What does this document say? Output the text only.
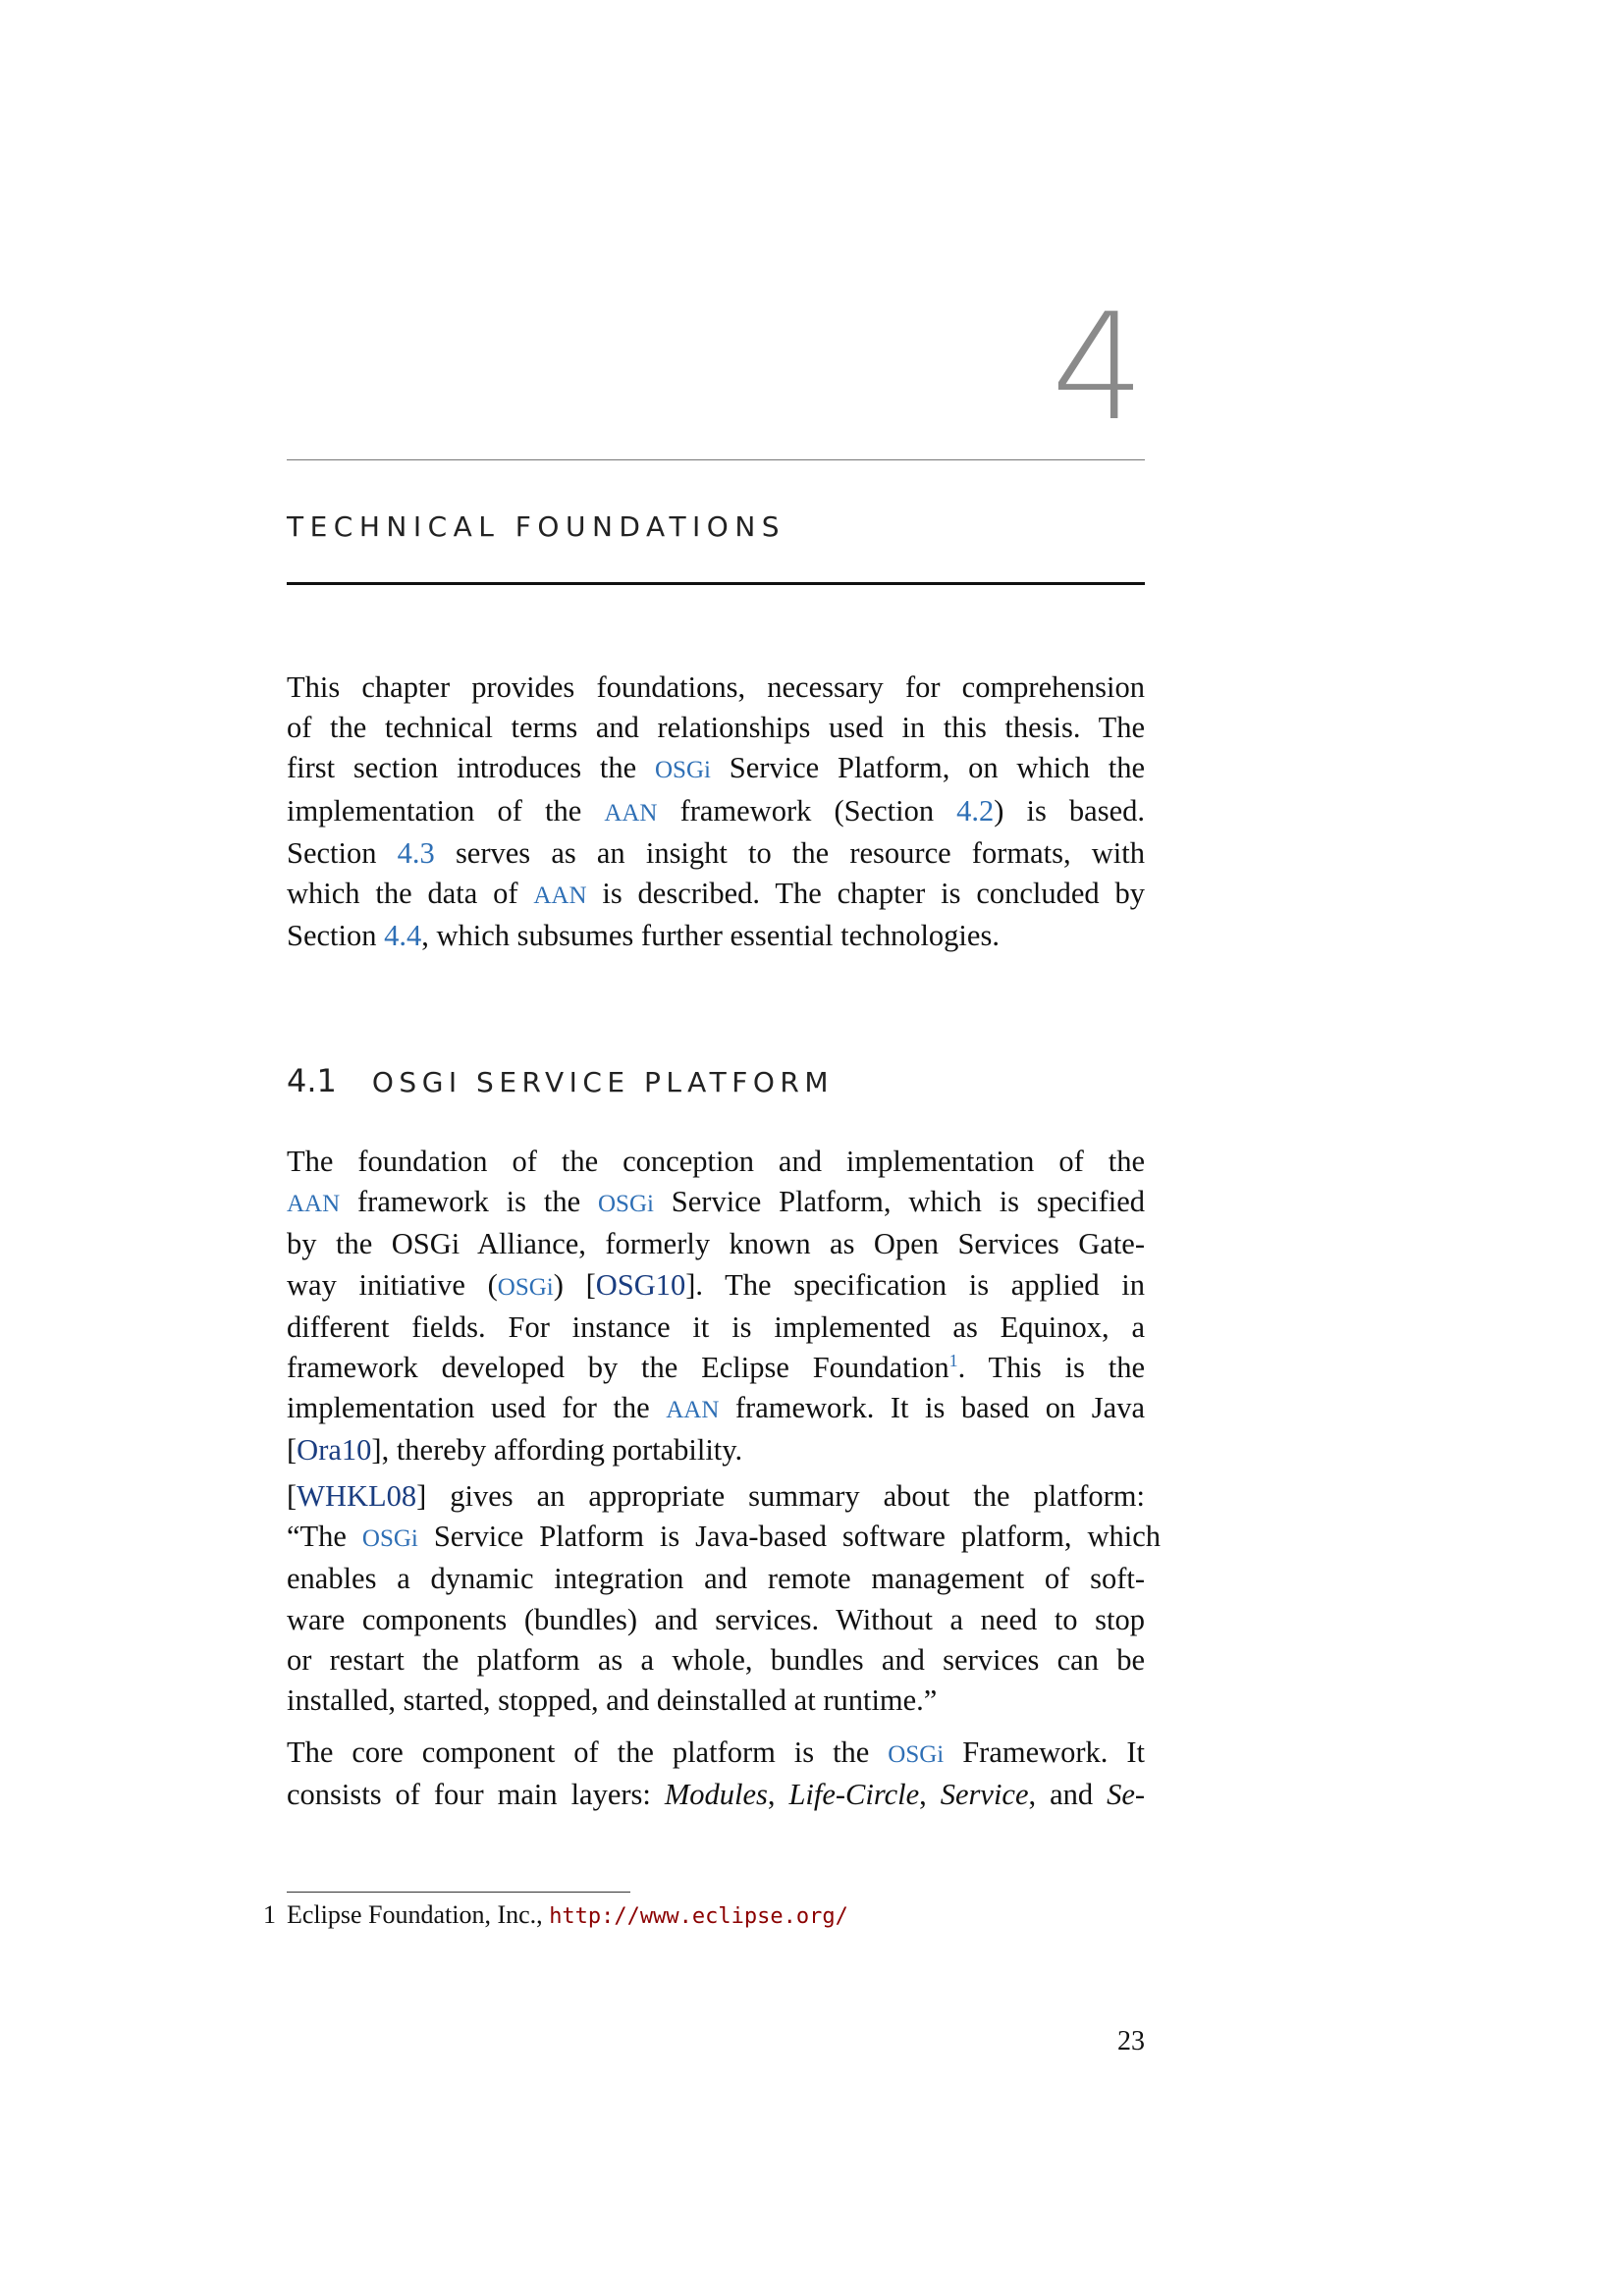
4
TECHNICAL FOUNDATIONS
This chapter provides foundations, necessary for comprehension
of the technical terms and relationships used in this thesis. The
first section introduces the OSGi Service Platform, on which the
implementation of the AAN framework (Section 4.2) is based.
Section 4.3 serves as an insight to the resource formats, with
which the data of AAN is described. The chapter is concluded by
Section 4.4, which subsumes further essential technologies.
4.1 OSGI SERVICE PLATFORM
The foundation of the conception and implementation of the
AAN framework is the OSGi Service Platform, which is specified
by the OSGi Alliance, formerly known as Open Services Gate-
way initiative (OSGi) [OSG10]. The specification is applied in
different fields. For instance it is implemented as Equinox, a
framework developed by the Eclipse Foundation$^1$. This is the
implementation used for the AAN framework. It is based on Java
[Ora10], thereby affording portability.
[WHKL08] gives an appropriate summary about the platform:
“The OSGi Service Platform is Java-based software platform, which
enables a dynamic integration and remote management of soft-
ware components (bundles) and services. Without a need to stop
or restart the platform as a whole, bundles and services can be
installed, started, stopped, and deinstalled at runtime.”
The core component of the platform is the OSGi Framework. It
consists of four main layers: Modules, Life-Circle, Service, and Se-
1 Eclipse Foundation, Inc., http://www.eclipse.org/
23
